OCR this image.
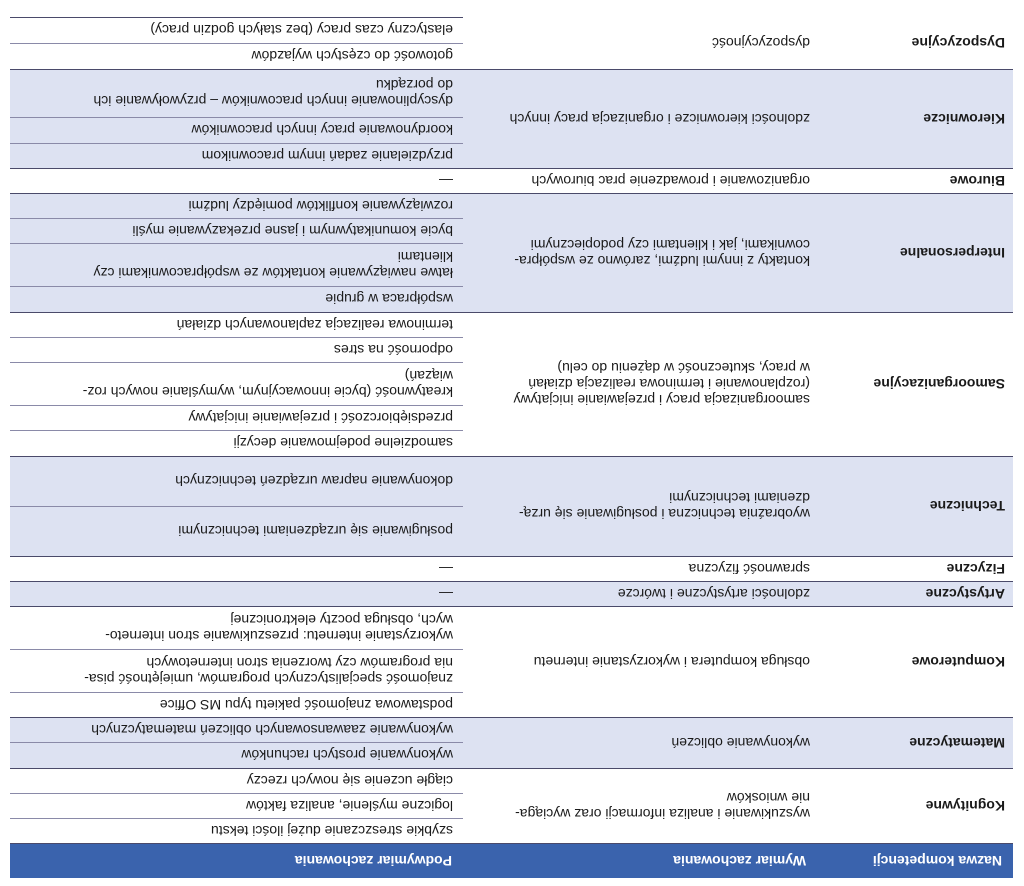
Nazwa kompetencji	Wymiar zachowania	Podwymiar zachowania
Kognitywne	wyszukiwanie i analiza informacji oraz wyciąga-
nie wniosków	szybkie streszczanie dużej ilości tekstu
		logiczne myślenie, analiza faktów
		ciągłe uczenie się nowych rzeczy
Matematyczne	wykonywanie obliczeń	wykonywanie prostych rachunków
		wykonywanie zaawansowanych obliczeń matematycznych
Komputerowe	obsługa komputera i wykorzystanie internetu	podstawowa znajomość pakietu typu MS Office
		znajomość specjalistycznych programów, umiejętność pisa-
nia programów czy tworzenia stron internetowych
		wykorzystanie internetu: przeszukiwanie stron interneto-
wych, obsługa poczty elektronicznej
Artystyczne	zdolności artystyczne i twórcze	—
Fizyczne	sprawność fizyczna	—
Techniczne	wyobraźnia techniczna i posługiwanie się urzą-
dzeniami technicznymi	posługiwanie się urządzeniami technicznymi
		dokonywanie napraw urządzeń technicznych
Samoorganizacyjne	samoorganizacja pracy i przejawianie inicjatywy
(rozplanowanie i terminowa realizacja działań
w pracy, skuteczność w dążeniu do celu)	samodzielne podejmowanie decyzji
		przedsiębiorczość i przejawianie inicjatywy
		kreatywność (bycie innowacyjnym, wymyślanie nowych roz-
wiązań)
		odporność na stres
		terminowa realizacja zaplanowanych działań
Interpersonalne	kontakty z innymi ludźmi, zarówno ze współpra-
cownikami, jak i klientami czy podopiecznymi	współpraca w grupie
		łatwe nawiązywanie kontaktów ze współpracownikami czy
klientami
		bycie komunikatywnym i jasne przekazywanie myśli
		rozwiązywanie konfliktów pomiędzy ludźmi
Biurowe	organizowanie i prowadzenie prac biurowych	—
Kierownicze	zdolności kierownicze i organizacja pracy innych	przydzielanie zadań innym pracownikom
		koordynowanie pracy innych pracowników
		dyscyplinowanie innych pracowników – przywoływanie ich
do porządku
Dyspozycyjne	dyspozycyjność	gotowość do częstych wyjazdów
		elastyczny czas pracy (bez stałych godzin pracy)
